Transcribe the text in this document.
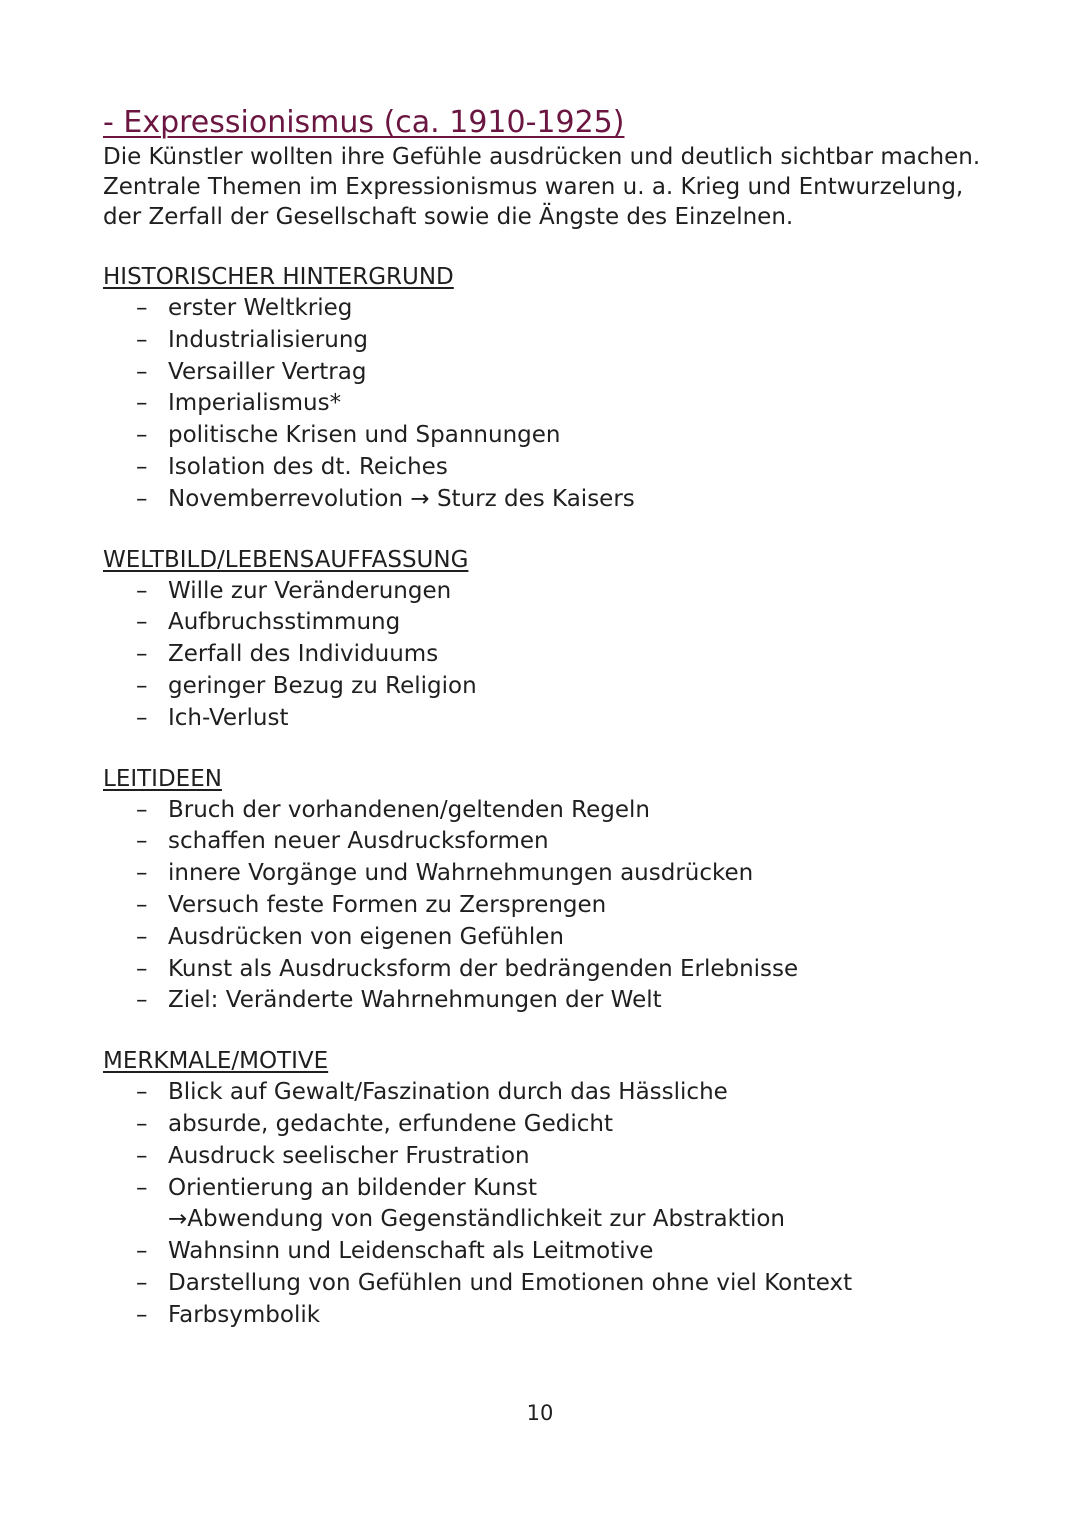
- Expressionismus (ca. 1910-1925)
Die Künstler wollten ihre Gefühle ausdrücken und deutlich sichtbar machen.
Zentrale Themen im Expressionismus waren u. a. Krieg und Entwurzelung,
der Zerfall der Gesellschaft sowie die Ängste des Einzelnen.
HISTORISCHER HINTERGRUND
– erster Weltkrieg
– Industrialisierung
– Versailler Vertrag
– Imperialismus*
– politische Krisen und Spannungen
– Isolation des dt. Reiches
– Novemberrevolution → Sturz des Kaisers
WELTBILD/LEBENSAUFFASSUNG
– Wille zur Veränderungen
– Aufbruchsstimmung
– Zerfall des Individuums
– geringer Bezug zu Religion
– Ich-Verlust
LEITIDEEN
– Bruch der vorhandenen/geltenden Regeln
– schaffen neuer Ausdrucksformen
– innere Vorgänge und Wahrnehmungen ausdrücken
– Versuch feste Formen zu Zersprengen
– Ausdrücken von eigenen Gefühlen
– Kunst als Ausdrucksform der bedrängenden Erlebnisse
– Ziel: Veränderte Wahrnehmungen der Welt
MERKMALE/MOTIVE
– Blick auf Gewalt/Faszination durch das Hässliche
– absurde, gedachte, erfundene Gedicht
– Ausdruck seelischer Frustration
– Orientierung an bildender Kunst
→Abwendung von Gegenständlichkeit zur Abstraktion
– Wahnsinn und Leidenschaft als Leitmotive
– Darstellung von Gefühlen und Emotionen ohne viel Kontext
– Farbsymbolik
10
